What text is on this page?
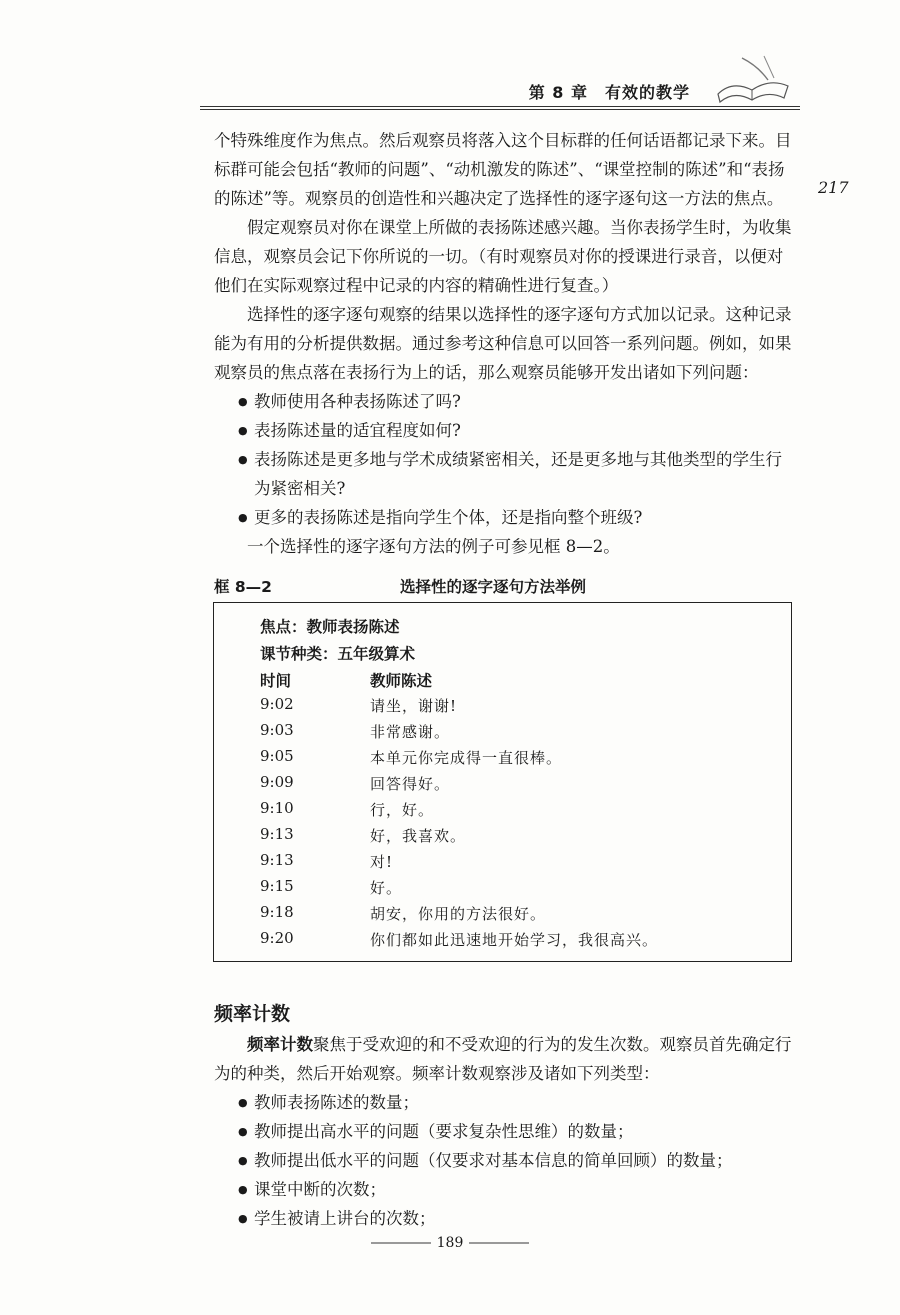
第 8 章　有效的教学
217

个特殊维度作为焦点。然后观察员将落入这个目标群的任何话语都记录下来。目标群可能会包括“教师的问题”、“动机激发的陈述”、“课堂控制的陈述”和“表扬的陈述”等。观察员的创造性和兴趣决定了选择性的逐字逐句这一方法的焦点。

假定观察员对你在课堂上所做的表扬陈述感兴趣。当你表扬学生时，为收集信息，观察员会记下你所说的一切。（有时观察员对你的授课进行录音，以便对他们在实际观察过程中记录的内容的精确性进行复查。）

选择性的逐字逐句观察的结果以选择性的逐字逐句方式加以记录。这种记录能为有用的分析提供数据。通过参考这种信息可以回答一系列问题。例如，如果观察员的焦点落在表扬行为上的话，那么观察员能够开发出诸如下列问题：

● 教师使用各种表扬陈述了吗?
● 表扬陈述量的适宜程度如何?
● 表扬陈述是更多地与学术成绩紧密相关，还是更多地与其他类型的学生行为紧密相关?
● 更多的表扬陈述是指向学生个体，还是指向整个班级?

一个选择性的逐字逐句方法的例子可参见框 8—2。

框 8—2	选择性的逐字逐句方法举例
焦点：教师表扬陈述
课节种类：五年级算术
时间	教师陈述
9:02	请坐，谢谢!
9:03	非常感谢。
9:05	本单元你完成得一直很棒。
9:09	回答得好。
9:10	行，好。
9:13	好，我喜欢。
9:13	对!
9:15	好。
9:18	胡安，你用的方法很好。
9:20	你们都如此迅速地开始学习，我很高兴。
频率计数

频率计数聚焦于受欢迎的和不受欢迎的行为的发生次数。观察员首先确定行为的种类，然后开始观察。频率计数观察涉及诸如下列类型：

● 教师表扬陈述的数量；
● 教师提出高水平的问题（要求复杂性思维）的数量；
● 教师提出低水平的问题（仅要求对基本信息的简单回顾）的数量；
● 课堂中断的次数；
● 学生被请上讲台的次数；
189
